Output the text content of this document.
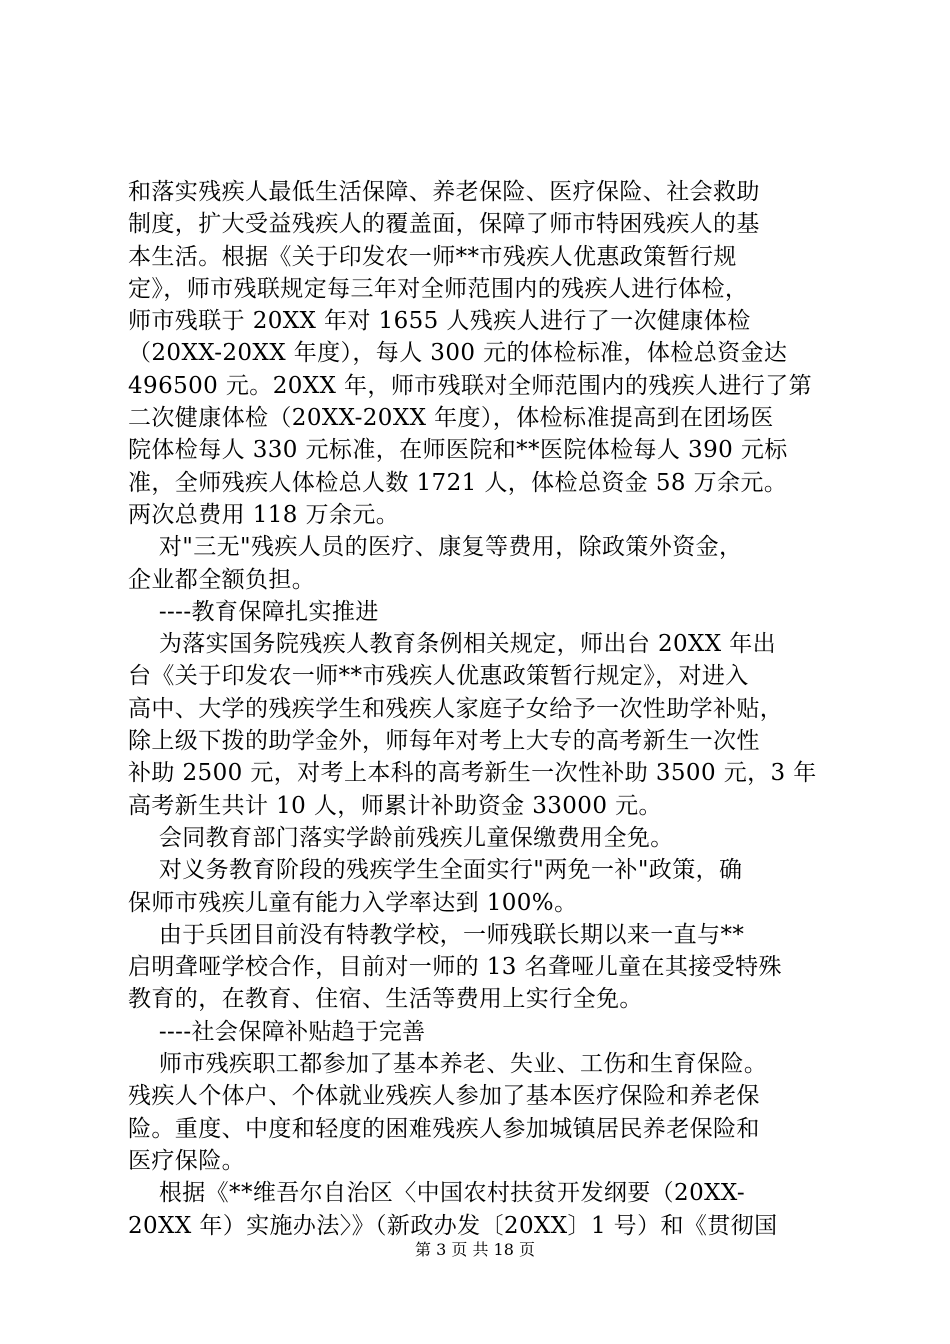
和落实残疾人最低生活保障、养老保险、医疗保险、社会救助
制度，扩大受益残疾人的覆盖面，保障了师市特困残疾人的基
本生活。根据《关于印发农一师**市残疾人优惠政策暂行规
定》，师市残联规定每三年对全师范围内的残疾人进行体检，
师市残联于 20XX 年对 1655 人残疾人进行了一次健康体检
（20XX-20XX 年度），每人 300 元的体检标准，体检总资金达
496500 元。20XX 年，师市残联对全师范围内的残疾人进行了第
二次健康体检（20XX-20XX 年度），体检标准提高到在团场医
院体检每人 330 元标准，在师医院和**医院体检每人 390 元标
准，全师残疾人体检总人数 1721 人，体检总资金 58 万余元。
两次总费用 118 万余元。
对"三无"残疾人员的医疗、康复等费用，除政策外资金，
企业都全额负担。
----教育保障扎实推进
为落实国务院残疾人教育条例相关规定，师出台 20XX 年出
台《关于印发农一师**市残疾人优惠政策暂行规定》，对进入
高中、大学的残疾学生和残疾人家庭子女给予一次性助学补贴，
除上级下拨的助学金外，师每年对考上大专的高考新生一次性
补助 2500 元，对考上本科的高考新生一次性补助 3500 元，3 年
高考新生共计 10 人，师累计补助资金 33000 元。
会同教育部门落实学龄前残疾儿童保缴费用全免。
对义务教育阶段的残疾学生全面实行"两免一补"政策，确
保师市残疾儿童有能力入学率达到 100%。
由于兵团目前没有特教学校，一师残联长期以来一直与**
启明聋哑学校合作，目前对一师的 13 名聋哑儿童在其接受特殊
教育的，在教育、住宿、生活等费用上实行全免。
----社会保障补贴趋于完善
师市残疾职工都参加了基本养老、失业、工伤和生育保险。
残疾人个体户、个体就业残疾人参加了基本医疗保险和养老保
险。重度、中度和轻度的困难残疾人参加城镇居民养老保险和
医疗保险。
根据《**维吾尔自治区〈中国农村扶贫开发纲要（20XX-
20XX 年）实施办法〉》（新政办发〔20XX〕1 号）和《贯彻国
第 3 页 共 18 页
